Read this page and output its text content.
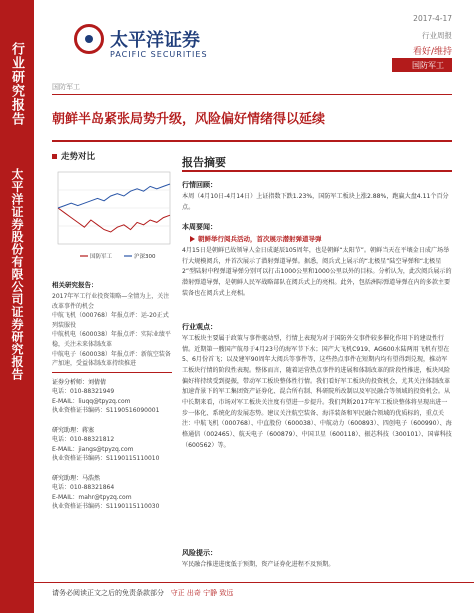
行业研究报告
太平洋证券股份有限公司证券研究报告
太平洋证券
PACIFIC SECURITIES
2017-4-17
行业周报
看好/维持
国防军工
国防军工
朝鲜半岛紧张局势升级，风险偏好情绪得以延续
走势对比
国防军工	沪深300
相关研究报告：
2017年军工行业投资策略—全情为上，关注改革事件的机会
中航飞机（000768）年报点评：运-20正式列装服役
中航机电（600038）年报点评：实际业绩平稳，关注未来体制改革
中航电子（600038）年报点评：新航空装备产加速，受益体制改革持续推进
证券分析师：刘倩倩
电话：010-88321949
E-MAIL：liuqq@tpyzq.com
执业资格证书编码：S1190516090001
研究助理：蒋塞
电话：010-88321812
E-MAIL：jiangs@tpyzq.com
执业资格证书编码：S1190115110010
研究助理：马浩然
电话：010-88321864
E-MAIL：mahr@tpyzq.com
执业资格证书编码：S1190115110030
报告摘要
行情回顾：
本周（4月10日-4月14日）上证指数下跌1.23%，国防军工板块上涨2.88%，跑赢大盘4.11个百分点。
本周要闻：
朝鲜举行阅兵活动，首次展示潜射弹道导弹
4月15日是朝鲜已故领导人金日成诞辰105周年，也是朝鲜“太阳节”。朝鲜当天在平壤金日成广场举行大规模阅兵，并首次展示了潜射弹道导弹。据悉，阅兵式上展示的“北极星”陆空导弹和“北极星2”型陆射中程弹道导弹分别可以打击1000公里和1000公里以外的目标。分析认为，此次阅兵展示的潜射弹道导弹，是朝鲜人民军战略部队在阅兵式上的亮相。此外，包括洲际弹道导弹在内的多款主要装备也在阅兵式上亮相。
行业观点：
军工板块主要属于政策与事件驱动型，行情上表现为对于国防外交事件较多催化作用下的建设性行情。近期第一艘国产航母于4月23号的海军节下水；国产大飞机C919、AG600水陆两用飞机有望在5、6月份首飞；以及建军90周年大阅兵等事件等，这些热点事件在短期内均有望得到兑现，推动军工板块行情的阶段性表现。整体而言，随着运营热点事件的进展和体制改革的阶段性推进，板块风险偏好将持续受到提振，带动军工板块整体性行情。我们看好军工板块的投资机会，尤其关注体制改革加速背景下的军工集团资产证券化、混合所有制、科研院所改制以及军民融合等领域的投资机会。从中长期来看，市场对军工板块关注度有望进一步提升。我们判断2017年军工板块整体将呈现出进一步一体化、系统化的发展态势。建议关注航空装备、海洋装备和军民融合领域的优质标的，重点关注：中航飞机（000768）、中直股份（600038）、中航动力（600893）、四创电子（600990）、海格通信（002465）、航天电子（600879）、中国卫星（600118）、振芯科技（300101）、国睿科技（600562）等。
风险提示：
军民融合推进进度低于预期，资产证券化进程不及预期。
请务必阅读正文之后的免责条款部分 守正 出奇 宁静 致远
